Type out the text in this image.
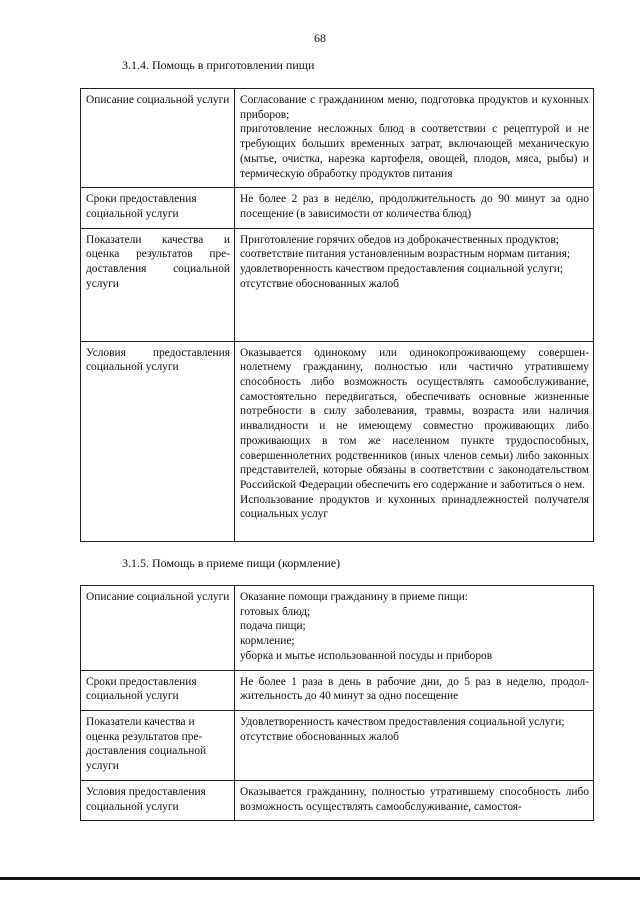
68
3.1.4. Помощь в приготовлении пищи
Описание социальной услуги	Согласование с гражданином меню, подготовка продуктов и кухонных приборов;
приготовление несложных блюд в соответствии с рецептурой и не требующих больших временных затрат, включающей механическую (мытье, очистка, нарезка картофеля, овощей, плодов, мяса, рыбы) и термическую обработку продуктов питания

Сроки предоставления социальной услуги	Не более 2 раз в неделю, продолжительность до 90 минут за одно посещение (в зависимости от количества блюд)

Показатели качества и оценка результатов предоставления социальной услуги	Приготовление горячих обедов из доброкачественных продуктов;
соответствие питания установленным возрастным нормам питания;
удовлетворенность качеством предоставления социальной услуги;
отсутствие обоснованных жалоб

Условия предоставления социальной услуги	Оказывается одинокому или одинокопроживающему совершеннолетнему гражданину, полностью или частично утратившему способность либо возможность осуществлять самообслуживание, самостоятельно передвигаться, обеспечивать основные жизненные потребности в силу заболевания, травмы, возраста или наличия инвалидности и не имеющему совместно проживающих либо проживающих в том же населенном пункте трудоспособных, совершеннолетних родственников (иных членов семьи) либо законных представителей, которые обязаны в соответствии с законодательством Российской Федерации обеспечить его содержание и заботиться о нем.
Использование продуктов и кухонных принадлежностей получателя социальных услуг
3.1.5. Помощь в приеме пищи (кормление)
Описание социальной услуги	Оказание помощи гражданину в приеме пищи:
готовых блюд;
подача пищи;
кормление;
уборка и мытье использованной посуды и приборов

Сроки предоставления социальной услуги	Не более 1 раза в день в рабочие дни, до 5 раз в неделю, продолжительность до 40 минут за одно посещение

Показатели качества и оценка результатов предоставления социальной услуги	Удовлетворенность качеством предоставления социальной услуги;
отсутствие обоснованных жалоб

Условия предоставления социальной услуги	Оказывается гражданину, полностью утратившему способность либо возможность осуществлять самообслуживание, самостоя-
